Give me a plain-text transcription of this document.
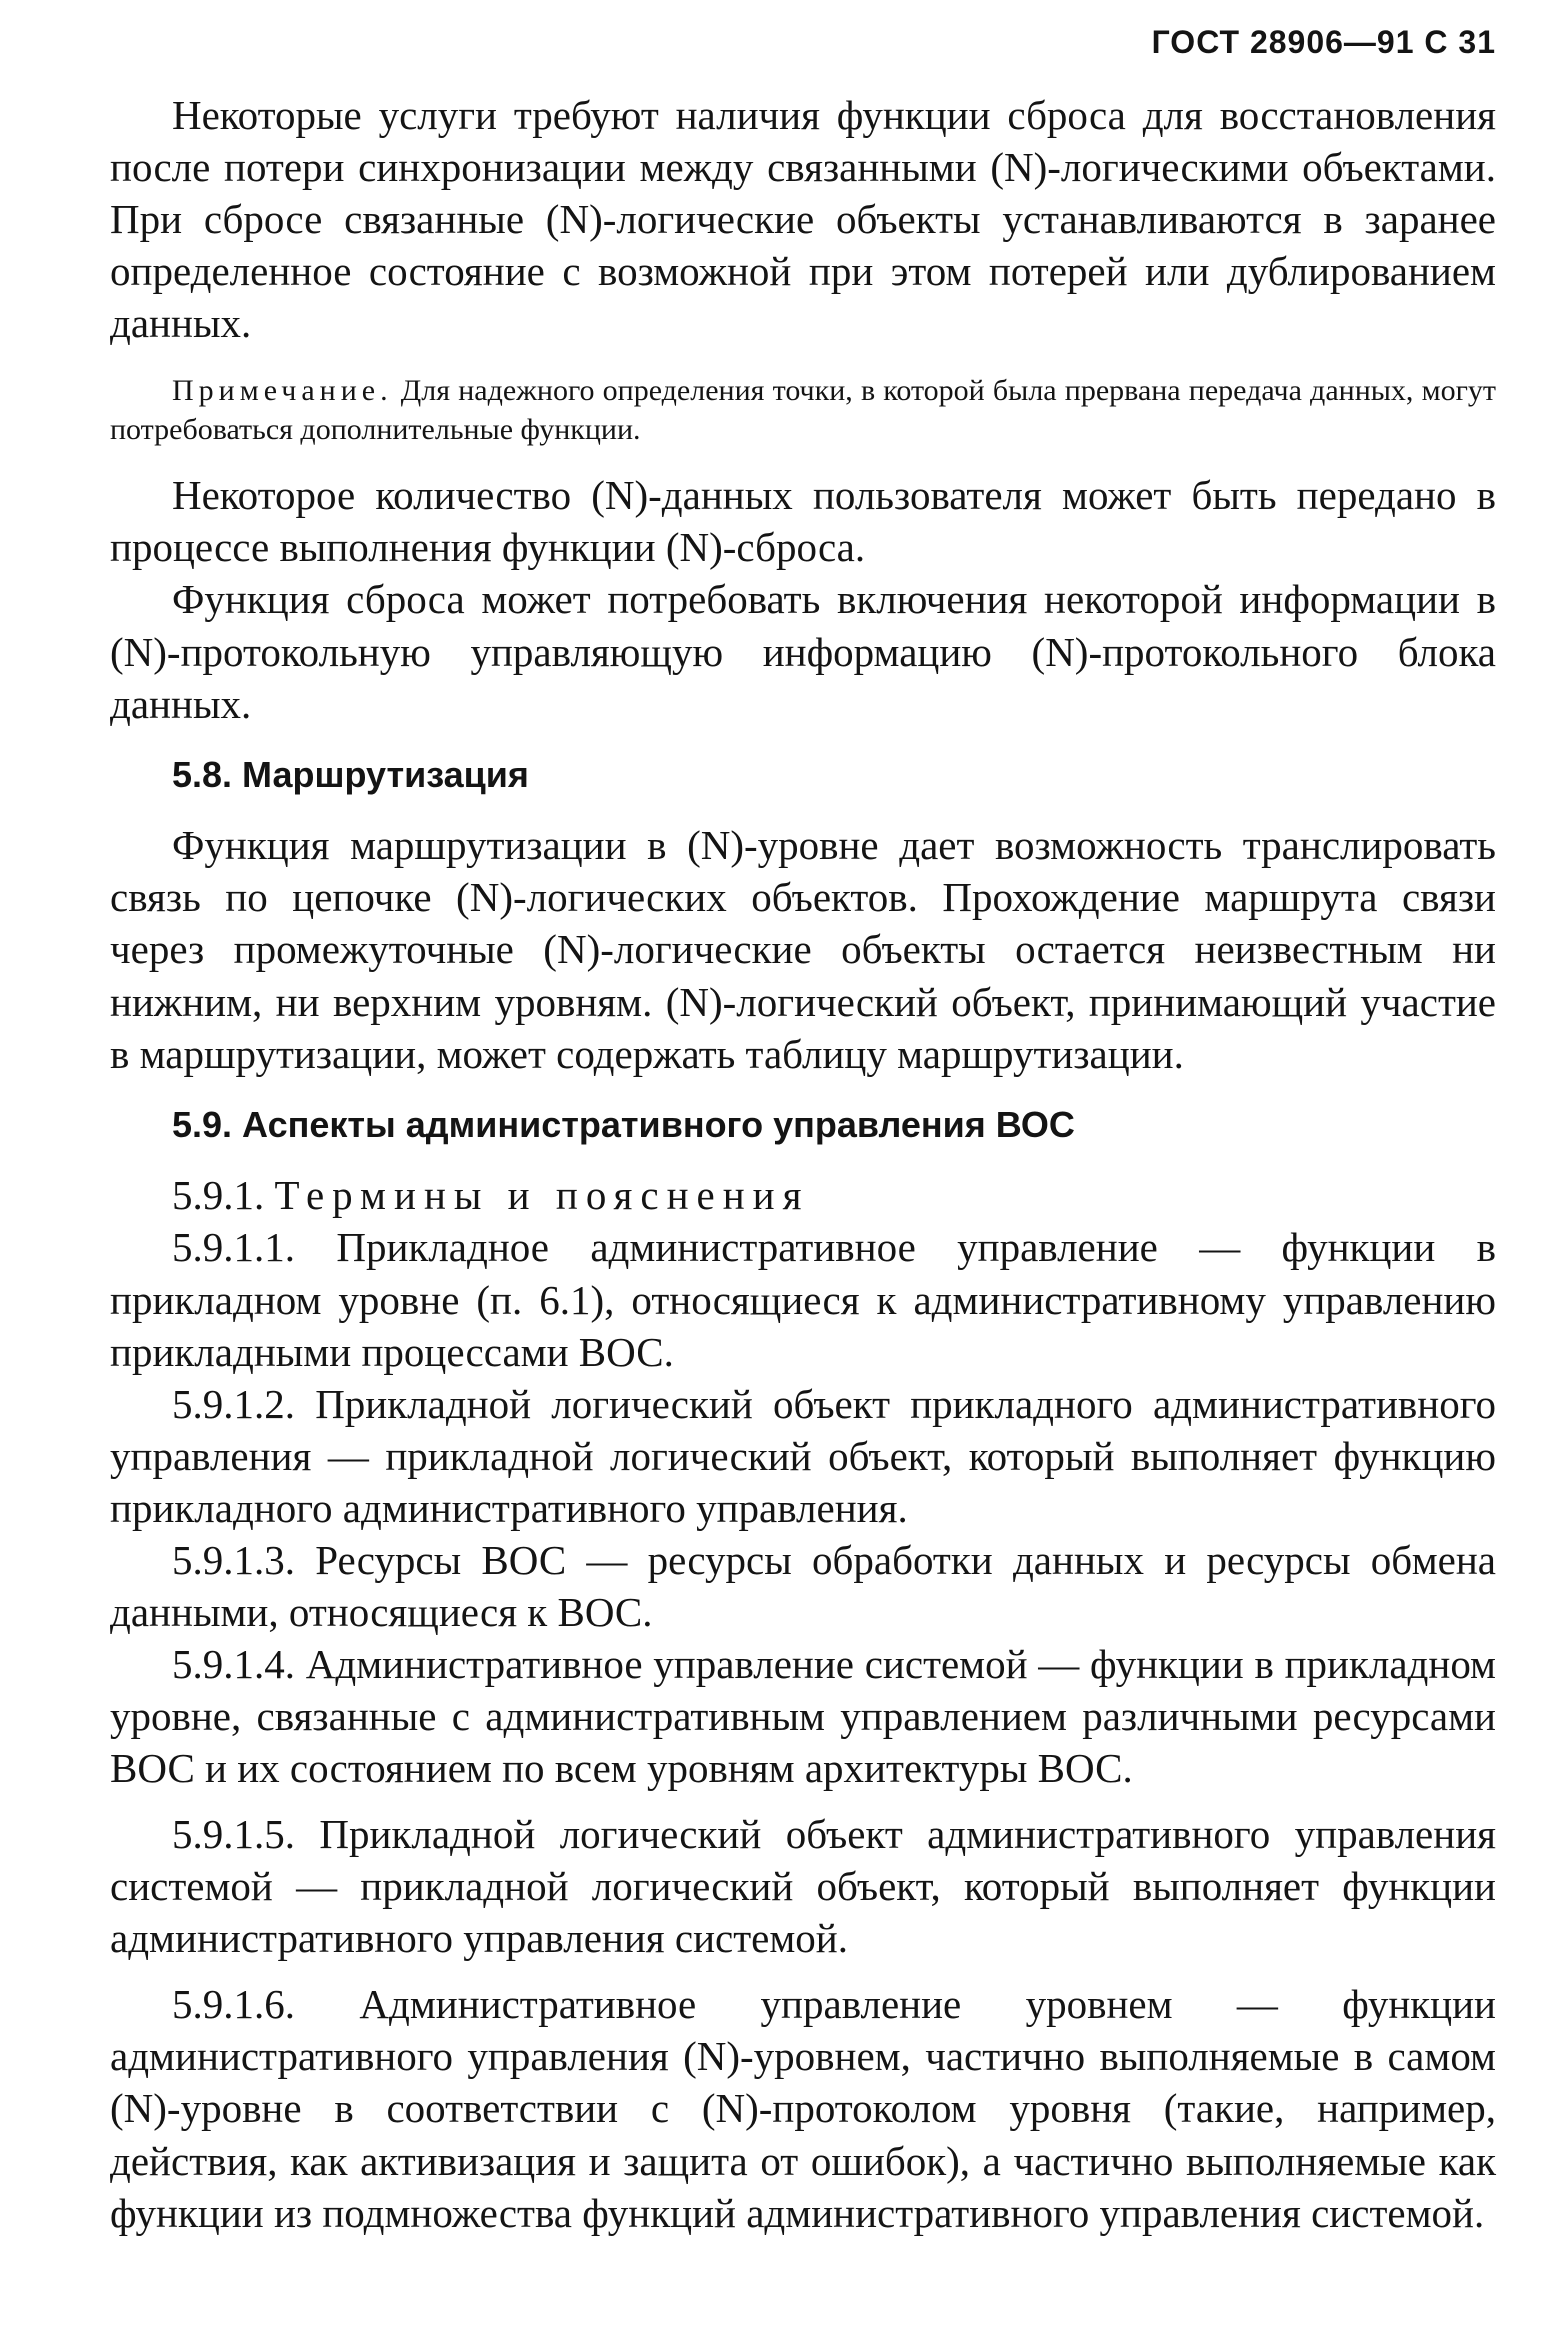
ГОСТ 28906—91 С 31

Некоторые услуги требуют наличия функции сброса для восстановления после потери синхронизации между связанными (N)-логическими объектами. При сбросе связанные (N)-логические объекты устанавливаются в заранее определенное состояние с возможной при этом потерей или дублированием данных.

Примечание. Для надежного определения точки, в которой была прервана передача данных, могут потребоваться дополнительные функции.

Некоторое количество (N)-данных пользователя может быть передано в процессе выполнения функции (N)-сброса.

Функция сброса может потребовать включения некоторой информации в (N)-протокольную управляющую информацию (N)-протокольного блока данных.

5.8. Маршрутизация

Функция маршрутизации в (N)-уровне дает возможность транслировать связь по цепочке (N)-логических объектов. Прохождение маршрута связи через промежуточные (N)-логические объекты остается неизвестным ни нижним, ни верхним уровням. (N)-логический объект, принимающий участие в маршрутизации, может содержать таблицу маршрутизации.

5.9. Аспекты административного управления ВОС

5.9.1. Термины и пояснения

5.9.1.1. Прикладное административное управление — функции в прикладном уровне (п. 6.1), относящиеся к административному управлению прикладными процессами ВОС.

5.9.1.2. Прикладной логический объект прикладного административного управления — прикладной логический объект, который выполняет функцию прикладного административного управления.

5.9.1.3. Ресурсы ВОС — ресурсы обработки данных и ресурсы обмена данными, относящиеся к ВОС.

5.9.1.4. Административное управление системой — функции в прикладном уровне, связанные с административным управлением различными ресурсами ВОС и их состоянием по всем уровням архитектуры ВОС.

5.9.1.5. Прикладной логический объект административного управления системой — прикладной логический объект, который выполняет функции административного управления системой.

5.9.1.6. Административное управление уровнем — функции административного управления (N)-уровнем, частично выполняемые в самом (N)-уровне в соответствии с (N)-протоколом уровня (такие, например, действия, как активизация и защита от ошибок), а частично выполняемые как функции из подмножества функций административного управления системой.
